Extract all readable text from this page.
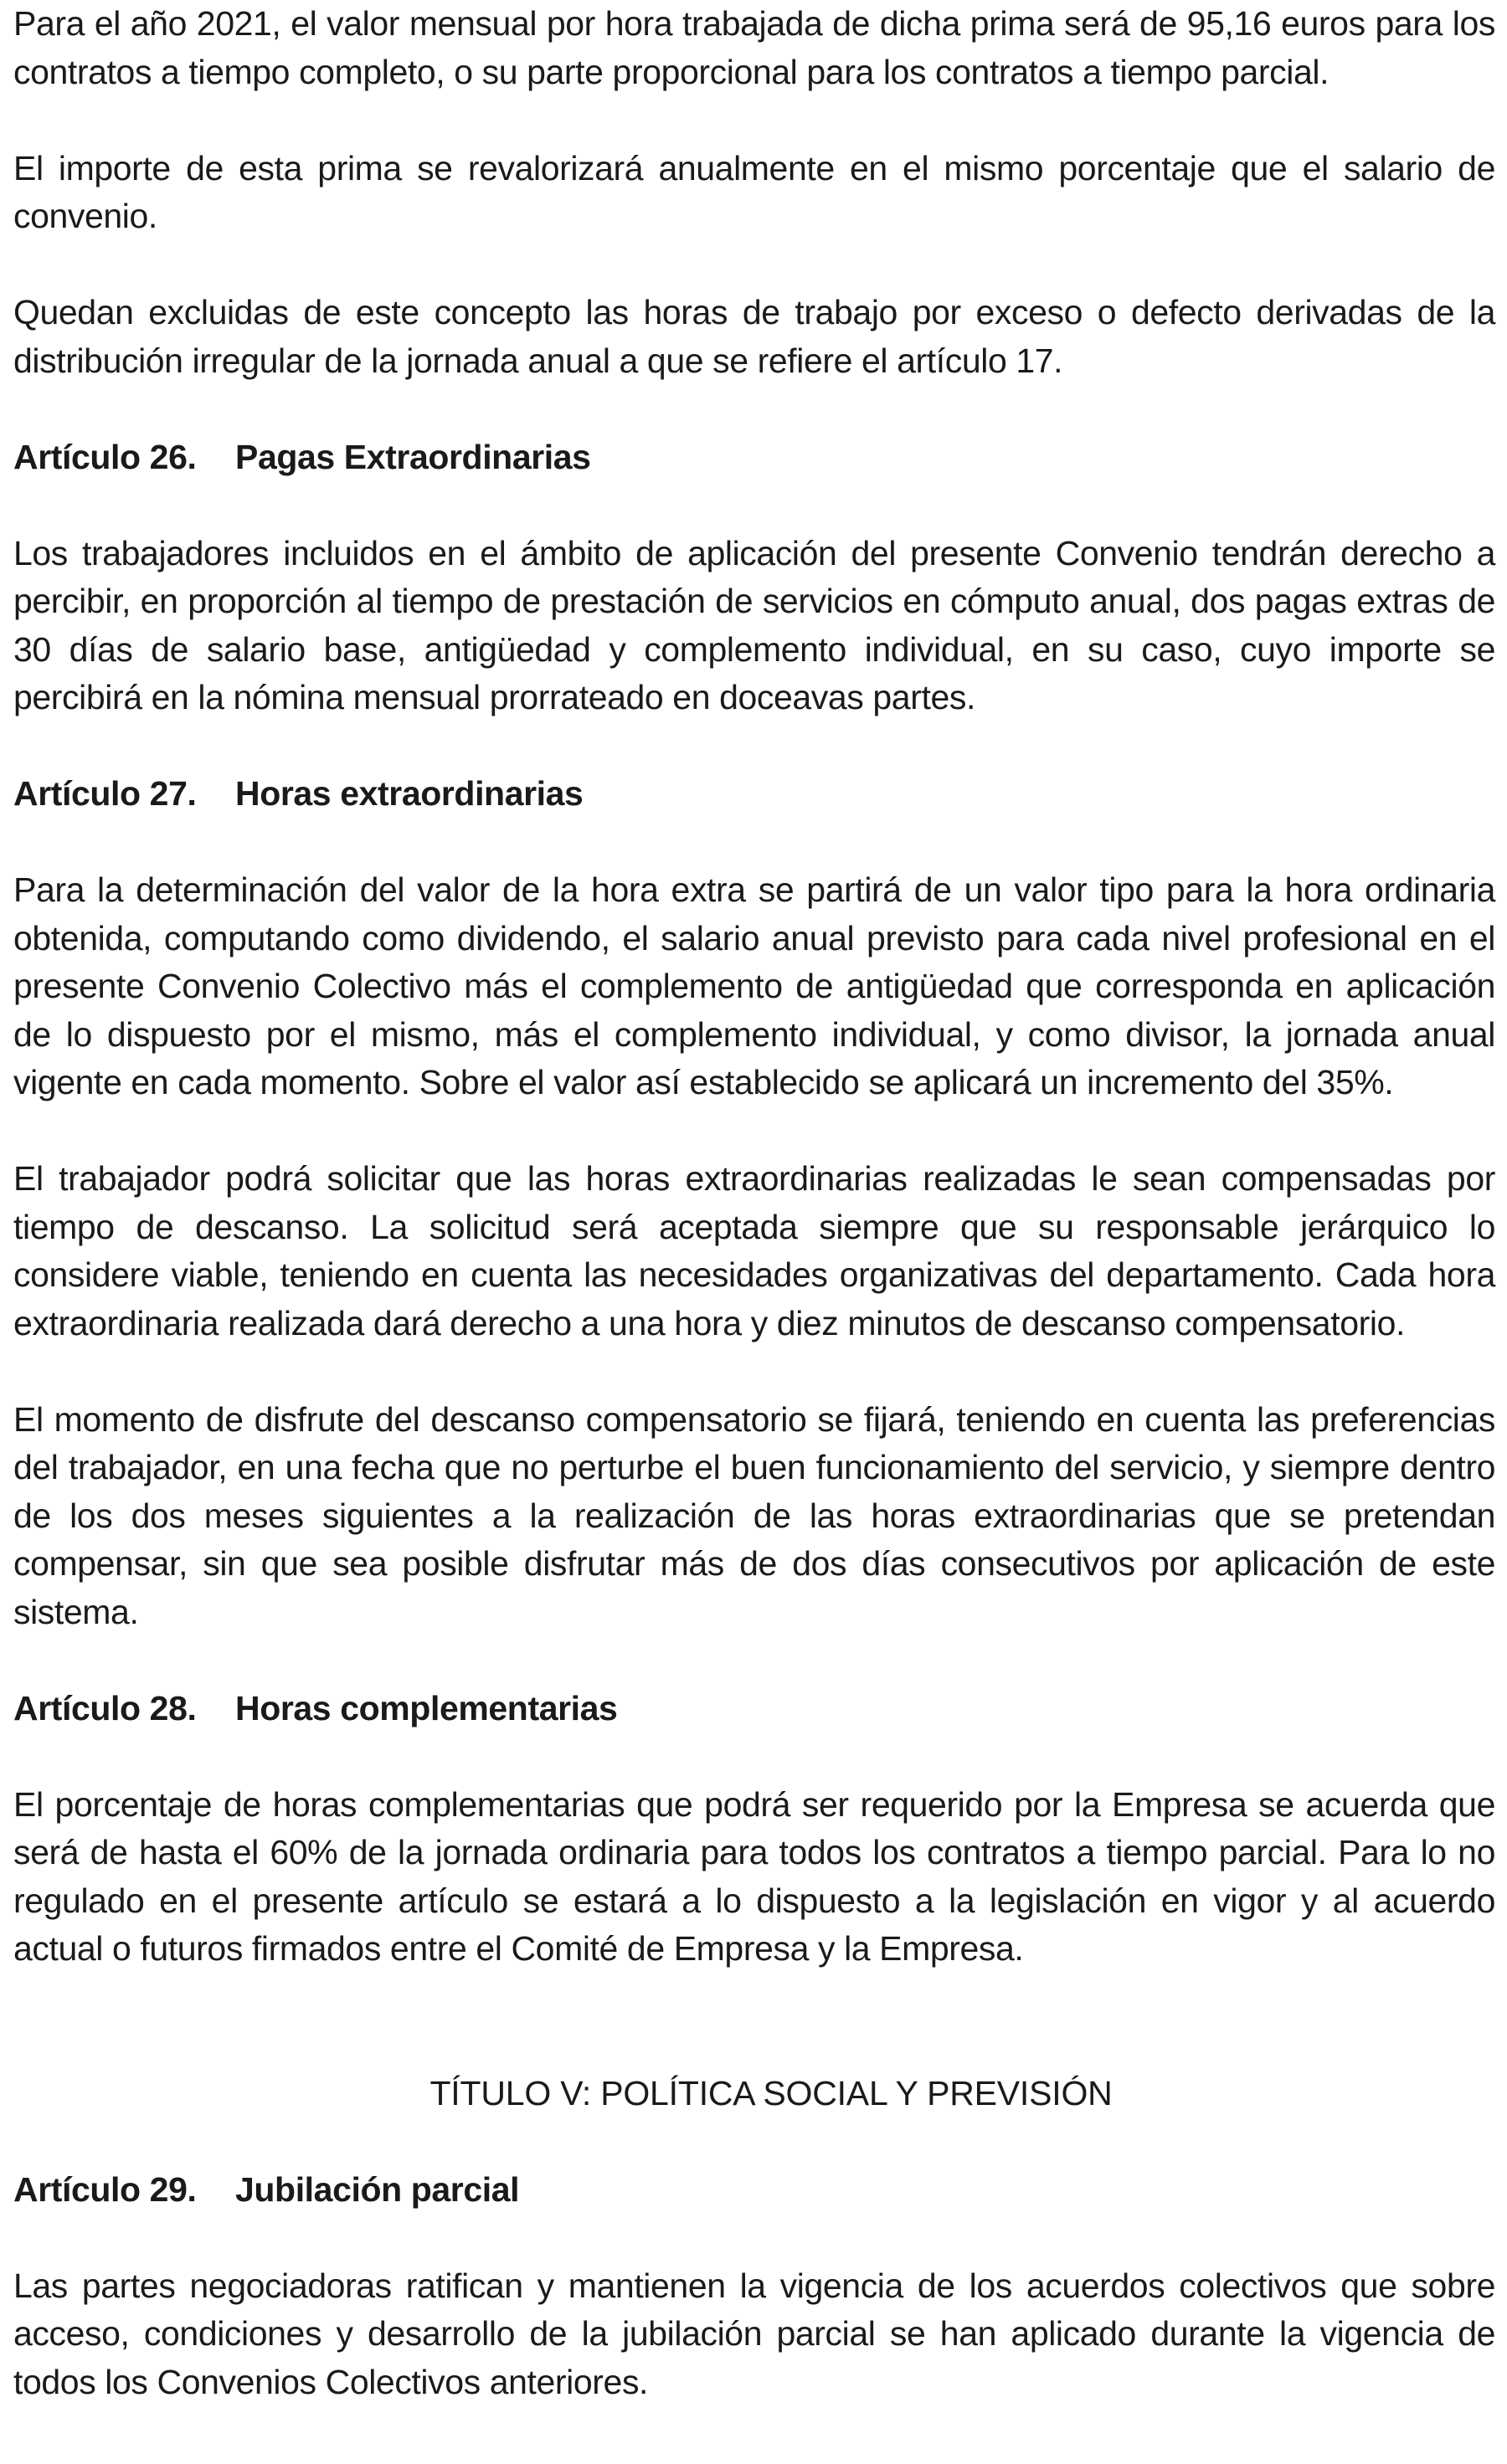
Para el año 2021, el valor mensual por hora trabajada de dicha prima será de 95,16 euros para los contratos a tiempo completo, o su parte proporcional para los contratos a tiempo parcial.

El importe de esta prima se revalorizará anualmente en el mismo porcentaje que el salario de convenio.

Quedan excluidas de este concepto las horas de trabajo por exceso o defecto derivadas de la distribución irregular de la jornada anual a que se refiere el artículo 17.

Artículo 26. Pagas Extraordinarias

Los trabajadores incluidos en el ámbito de aplicación del presente Convenio tendrán derecho a percibir, en proporción al tiempo de prestación de servicios en cómputo anual, dos pagas extras de 30 días de salario base, antigüedad y complemento individual, en su caso, cuyo importe se percibirá en la nómina mensual prorrateado en doceavas partes.

Artículo 27. Horas extraordinarias

Para la determinación del valor de la hora extra se partirá de un valor tipo para la hora ordinaria obtenida, computando como dividendo, el salario anual previsto para cada nivel profesional en el presente Convenio Colectivo más el complemento de antigüedad que corresponda en aplicación de lo dispuesto por el mismo, más el complemento individual, y como divisor, la jornada anual vigente en cada momento. Sobre el valor así establecido se aplicará un incremento del 35%.

El trabajador podrá solicitar que las horas extraordinarias realizadas le sean compensadas por tiempo de descanso. La solicitud será aceptada siempre que su responsable jerárquico lo considere viable, teniendo en cuenta las necesidades organizativas del departamento. Cada hora extraordinaria realizada dará derecho a una hora y diez minutos de descanso compensatorio.

El momento de disfrute del descanso compensatorio se fijará, teniendo en cuenta las preferencias del trabajador, en una fecha que no perturbe el buen funcionamiento del servicio, y siempre dentro de los dos meses siguientes a la realización de las horas extraordinarias que se pretendan compensar, sin que sea posible disfrutar más de dos días consecutivos por aplicación de este sistema.

Artículo 28. Horas complementarias

El porcentaje de horas complementarias que podrá ser requerido por la Empresa se acuerda que será de hasta el 60% de la jornada ordinaria para todos los contratos a tiempo parcial. Para lo no regulado en el presente artículo se estará a lo dispuesto a la legislación en vigor y al acuerdo actual o futuros firmados entre el Comité de Empresa y la Empresa.

TÍTULO V: POLÍTICA SOCIAL Y PREVISIÓN

Artículo 29. Jubilación parcial

Las partes negociadoras ratifican y mantienen la vigencia de los acuerdos colectivos que sobre acceso, condiciones y desarrollo de la jubilación parcial se han aplicado durante la vigencia de todos los Convenios Colectivos anteriores.
